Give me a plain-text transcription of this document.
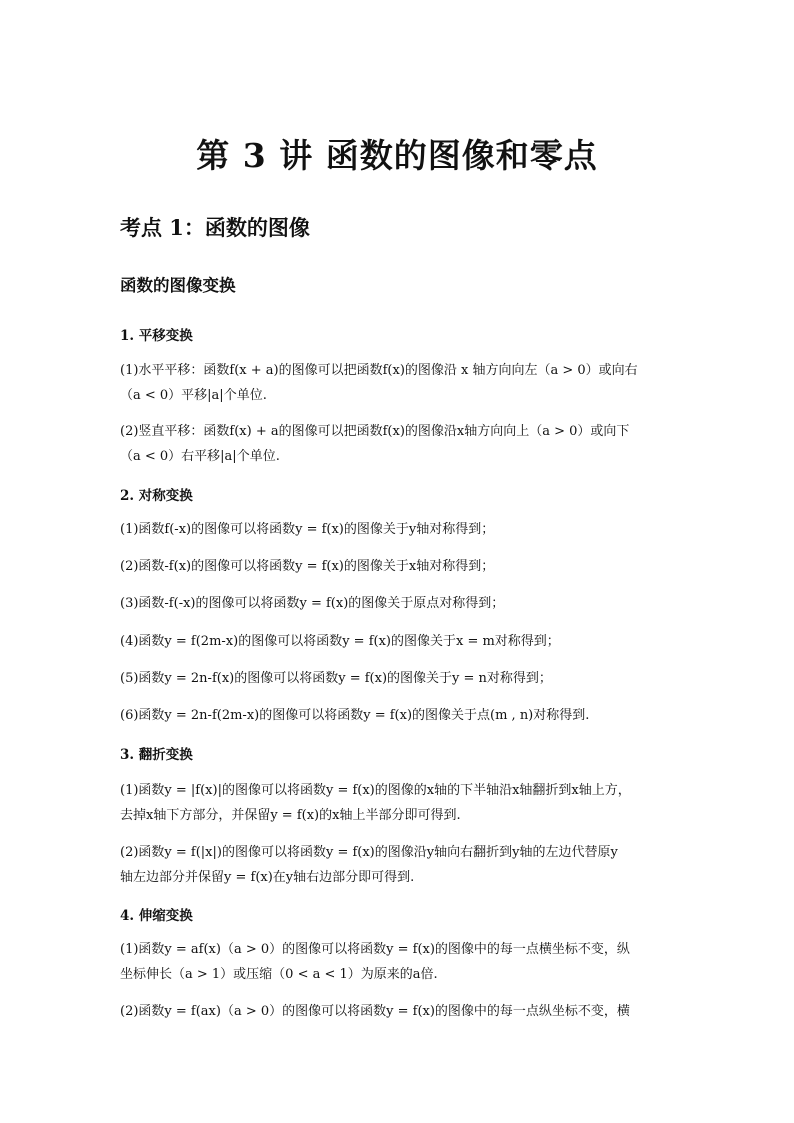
第 3 讲 函数的图像和零点
考点 1：函数的图像
函数的图像变换
1. 平移变换
(1)水平平移：函数f(x + a)的图像可以把函数f(x)的图像沿 x 轴方向向左（a > 0）或向右
（a < 0）平移|a|个单位.
(2)竖直平移：函数f(x) + a的图像可以把函数f(x)的图像沿x轴方向向上（a > 0）或向下
（a < 0）右平移|a|个单位.
2. 对称变换
(1)函数f(-x)的图像可以将函数y = f(x)的图像关于y轴对称得到；
(2)函数-f(x)的图像可以将函数y = f(x)的图像关于x轴对称得到；
(3)函数-f(-x)的图像可以将函数y = f(x)的图像关于原点对称得到；
(4)函数y = f(2m-x)的图像可以将函数y = f(x)的图像关于x = m对称得到；
(5)函数y = 2n-f(x)的图像可以将函数y = f(x)的图像关于y = n对称得到；
(6)函数y = 2n-f(2m-x)的图像可以将函数y = f(x)的图像关于点(m , n)对称得到.
3. 翻折变换
(1)函数y = |f(x)|的图像可以将函数y = f(x)的图像的x轴的下半轴沿x轴翻折到x轴上方，
去掉x轴下方部分，并保留y = f(x)的x轴上半部分即可得到.
(2)函数y = f(|x|)的图像可以将函数y = f(x)的图像沿y轴向右翻折到y轴的左边代替原y
轴左边部分并保留y = f(x)在y轴右边部分即可得到.
4. 伸缩变换
(1)函数y = af(x)（a > 0）的图像可以将函数y = f(x)的图像中的每一点横坐标不变，纵
坐标伸长（a > 1）或压缩（0 < a < 1）为原来的a倍.
(2)函数y = f(ax)（a > 0）的图像可以将函数y = f(x)的图像中的每一点纵坐标不变，横
